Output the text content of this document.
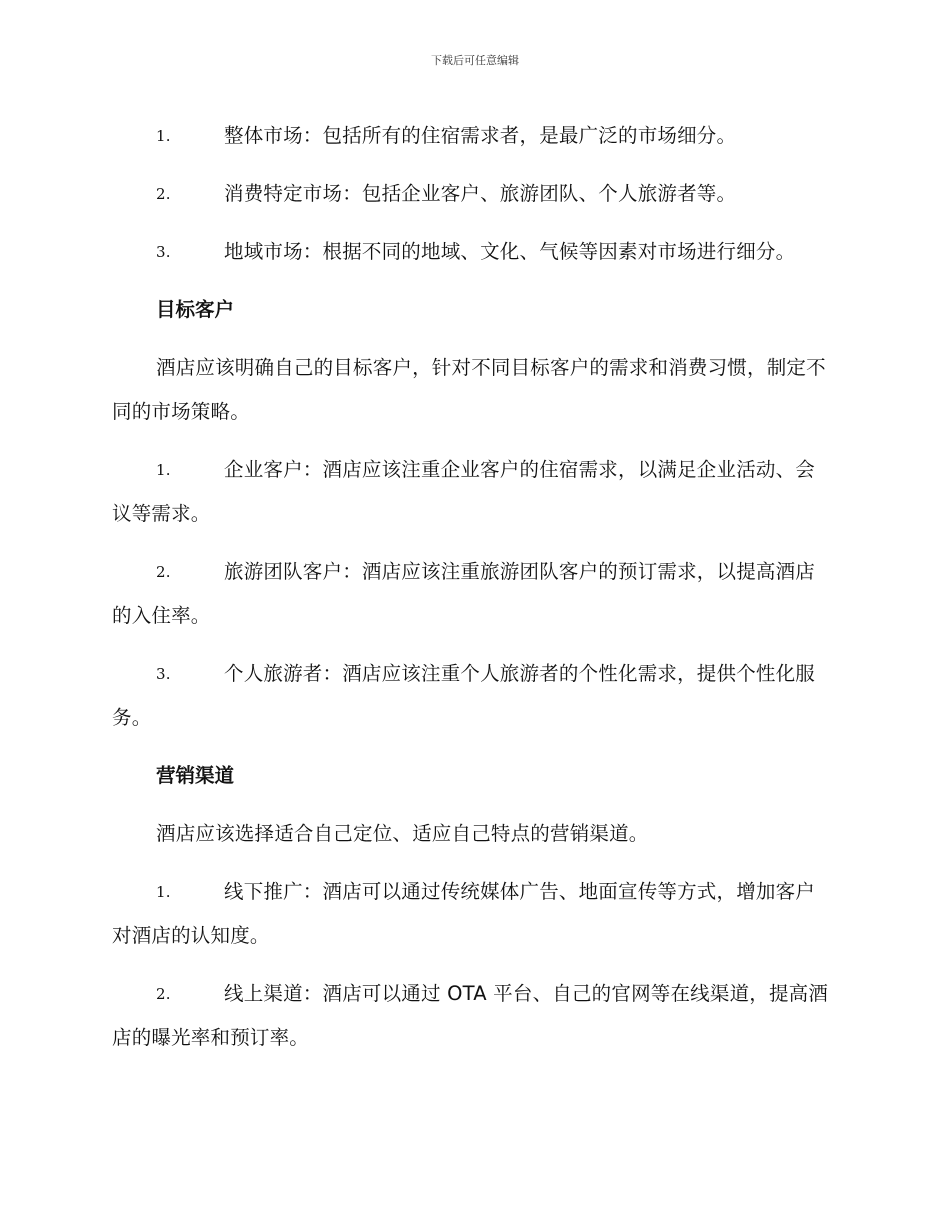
下载后可任意编辑
1.	整体市场：包括所有的住宿需求者，是最广泛的市场细分。
2.	消费特定市场：包括企业客户、旅游团队、个人旅游者等。
3.	地域市场：根据不同的地域、文化、气候等因素对市场进行细分。
目标客户
酒店应该明确自己的目标客户，针对不同目标客户的需求和消费习惯，制定不同的市场策略。
1.	企业客户：酒店应该注重企业客户的住宿需求，以满足企业活动、会议等需求。
2.	旅游团队客户：酒店应该注重旅游团队客户的预订需求，以提高酒店的入住率。
3.	个人旅游者：酒店应该注重个人旅游者的个性化需求，提供个性化服务。
营销渠道
酒店应该选择适合自己定位、适应自己特点的营销渠道。
1.	线下推广：酒店可以通过传统媒体广告、地面宣传等方式，增加客户对酒店的认知度。
2.	线上渠道：酒店可以通过 OTA 平台、自己的官网等在线渠道，提高酒店的曝光率和预订率。
